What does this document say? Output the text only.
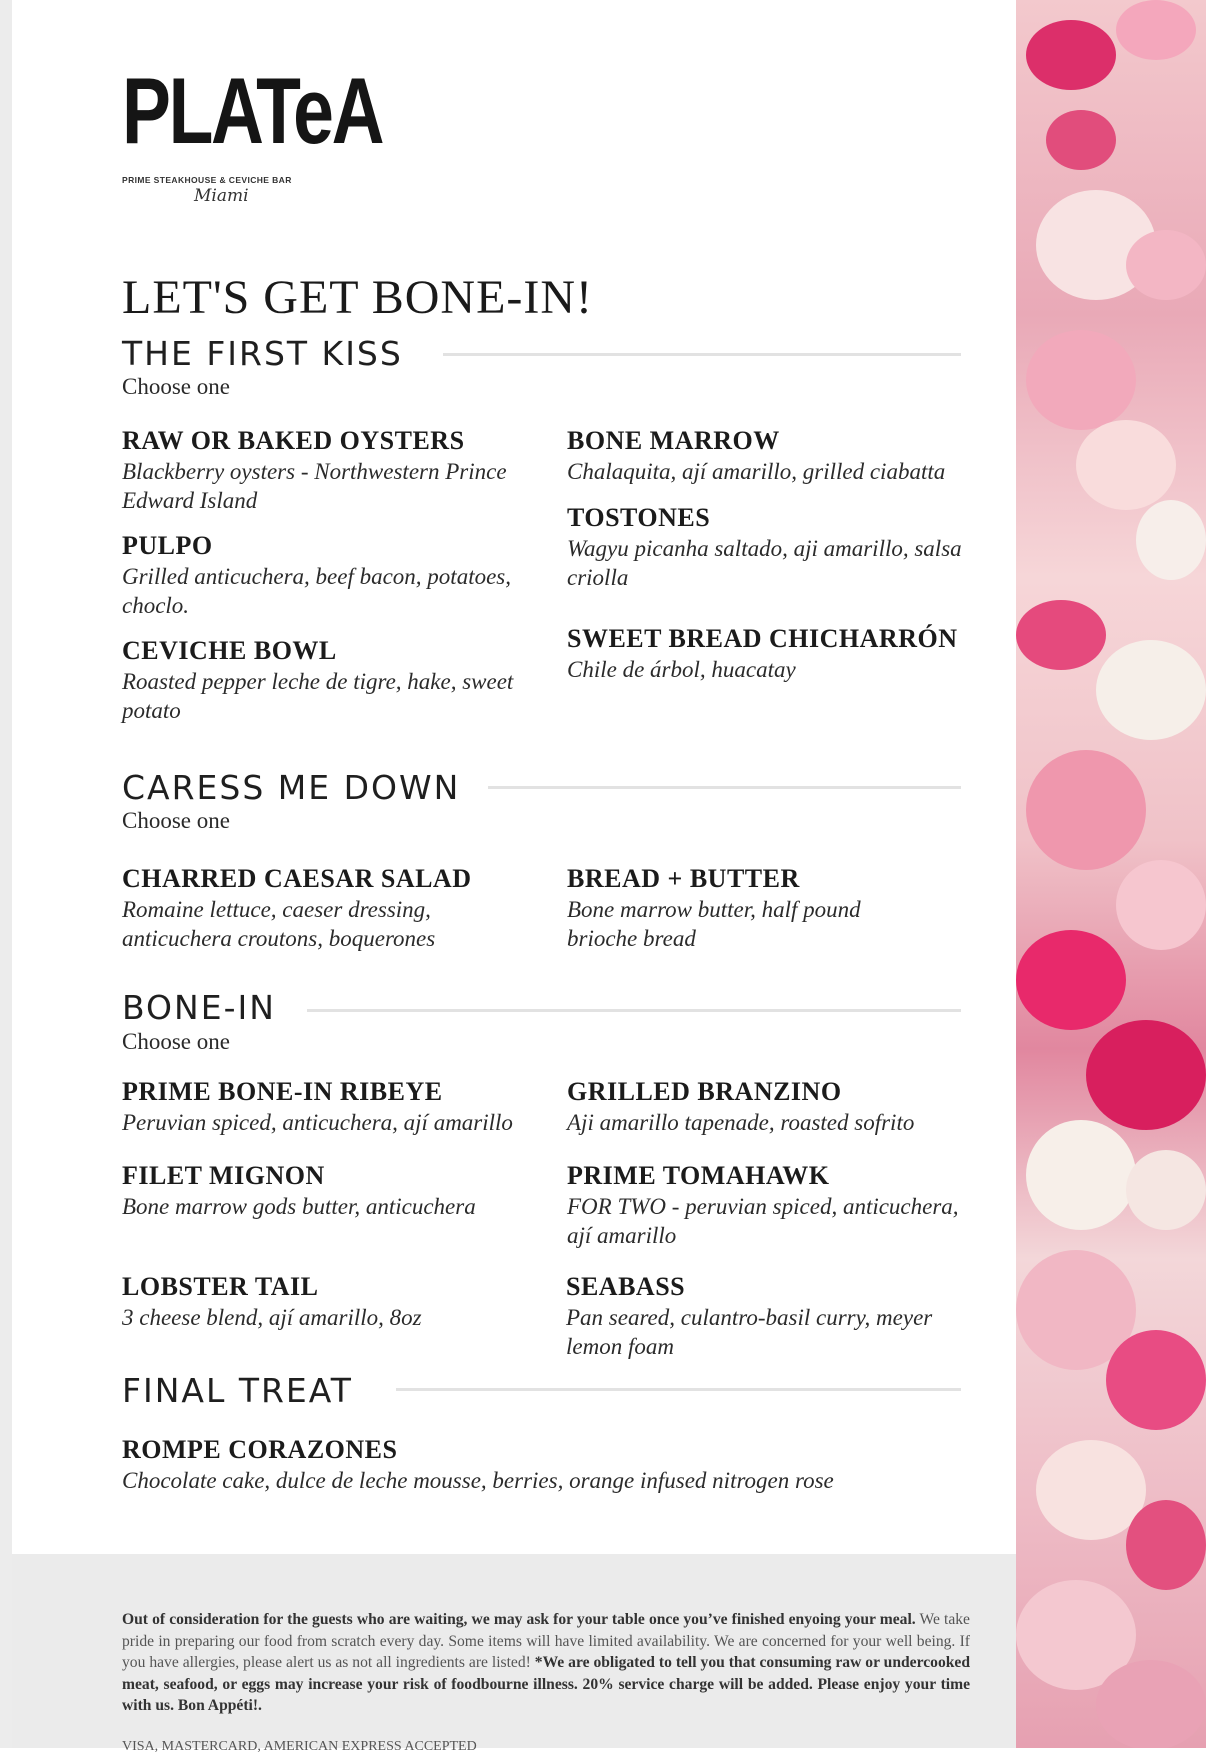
PLATeA
PRIME STEAKHOUSE & CEVICHE BAR
Miami
LET'S GET BONE-IN!
THE FIRST KISS
Choose one
RAW OR BAKED OYSTERS
Blackberry oysters - Northwestern Prince Edward Island
PULPO
Grilled anticuchera, beef bacon, potatoes, choclo.
CEVICHE BOWL
Roasted pepper leche de tigre, hake, sweet potato
BONE MARROW
Chalaquita, ají amarillo, grilled ciabatta
TOSTONES
Wagyu picanha saltado, aji amarillo, salsa criolla
SWEET BREAD CHICHARRÓN
Chile de árbol, huacatay
CARESS ME DOWN
Choose one
CHARRED CAESAR SALAD
Romaine lettuce, caeser dressing, anticuchera croutons, boquerones
BREAD + BUTTER
Bone marrow butter, half pound brioche bread
BONE-IN
Choose one
PRIME BONE-IN RIBEYE
Peruvian spiced, anticuchera, ají amarillo
FILET MIGNON
Bone marrow gods butter, anticuchera
LOBSTER TAIL
3 cheese blend, ají amarillo, 8oz
GRILLED BRANZINO
Aji amarillo tapenade, roasted sofrito
PRIME TOMAHAWK
FOR TWO - peruvian spiced, anticuchera, ají amarillo
SEABASS
Pan seared, culantro-basil curry, meyer lemon foam
FINAL TREAT
ROMPE CORAZONES
Chocolate cake, dulce de leche mousse, berries, orange infused nitrogen rose
Out of consideration for the guests who are waiting, we may ask for your table once you’ve finished enyoing your meal. We take pride in preparing our food from scratch every day. Some items will have limited availability. We are concerned for your well being. If you have allergies, please alert us as not all ingredients are listed! *We are obligated to tell you that consuming raw or undercooked meat, seafood, or eggs may increase your risk of foodbourne illness. 20% service charge will be added. Please enjoy your time with us. Bon Appéti!.
VISA, MASTERCARD, AMERICAN EXPRESS ACCEPTED
